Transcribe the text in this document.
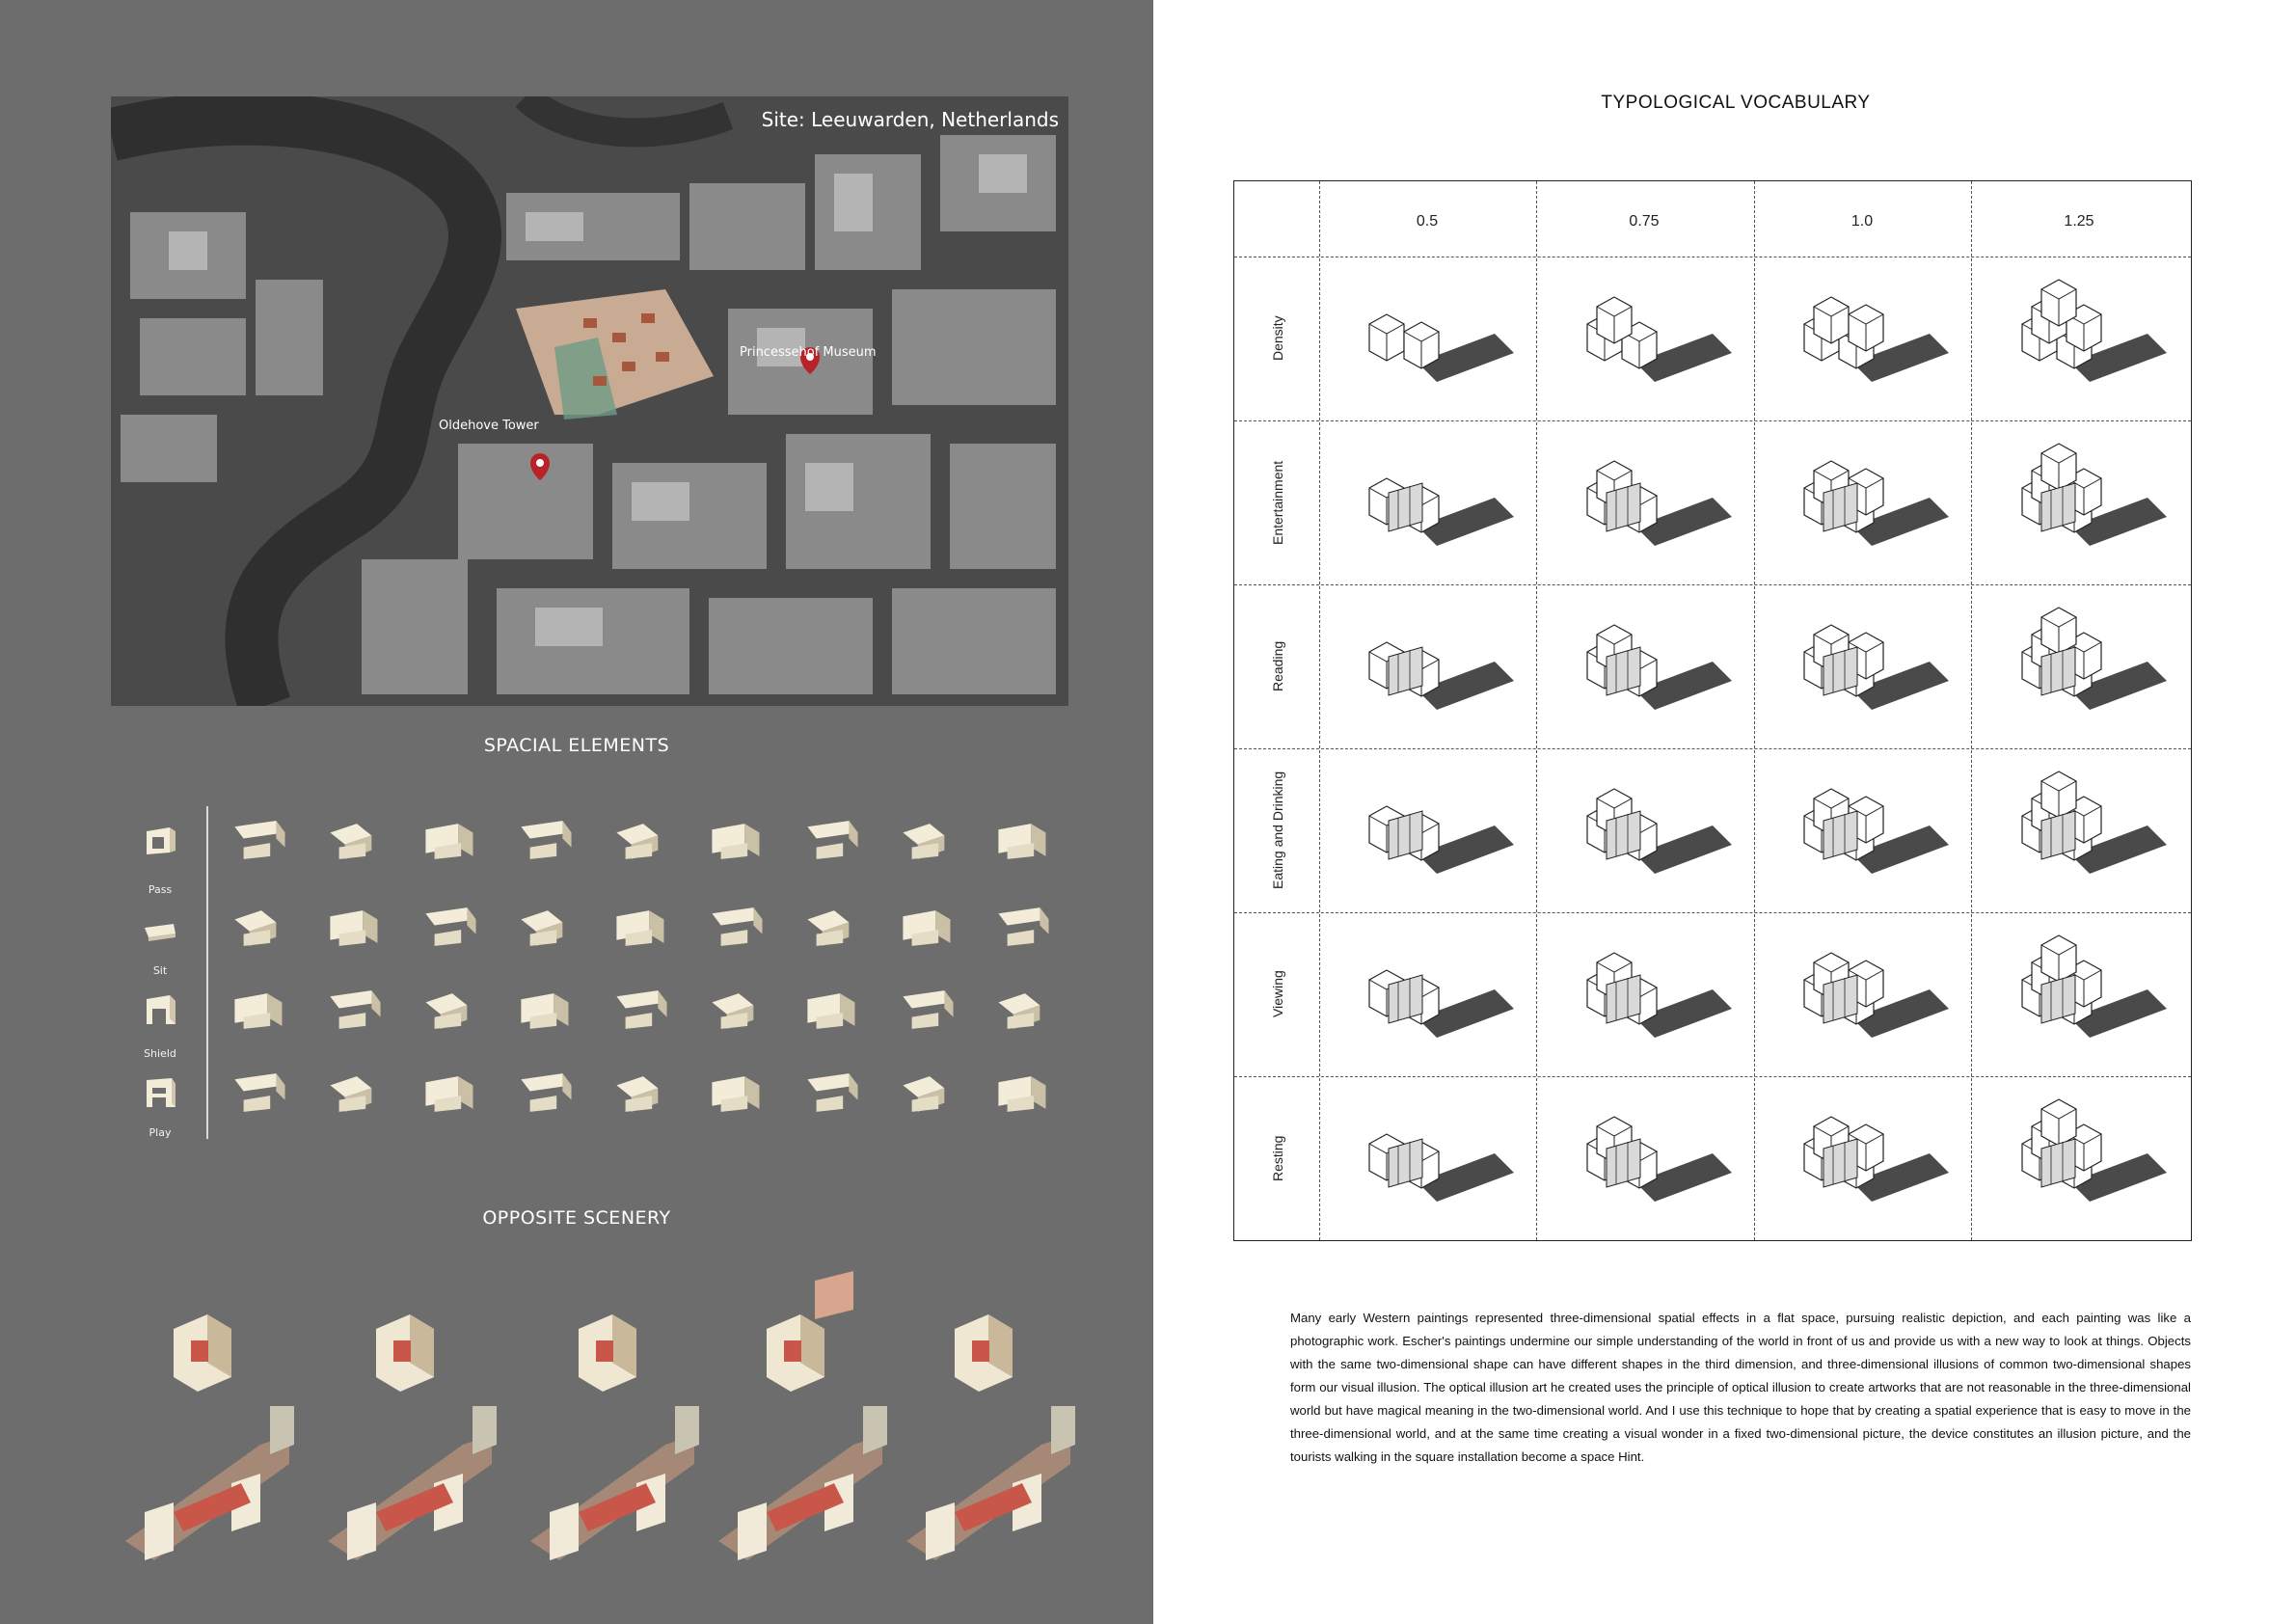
Site: Leeuwarden, Netherlands
Princessehof Museum
Oldehove Tower
SPACIAL ELEMENTS
Pass
Sit
Shield
Play
OPPOSITE SCENERY
TYPOLOGICAL VOCABULARY
0.5	0.75	1.0	1.25
Density
Entertainment
Reading
Eating and Drinking
Viewing
Resting
Many early Western paintings represented three-dimensional spatial effects in a flat space, pursuing realistic depiction, and each painting was like a photographic work. Escher's paintings undermine our simple understanding of the world in front of us and provide us with a new way to look at things. Objects with the same two-dimensional shape can have different shapes in the third dimension, and three-dimensional illusions of common two-dimensional shapes form our visual illusion. The optical illusion art he created uses the principle of optical illusion to create artworks that are not reasonable in the three-dimensional world but have magical meaning in the two-dimensional world. And I use this technique to hope that by creating a spatial experience that is easy to move in the three-dimensional world, and at the same time creating a visual wonder in a fixed two-dimensional picture, the device constitutes an illusion picture, and the tourists walking in the square installation become a space Hint.
